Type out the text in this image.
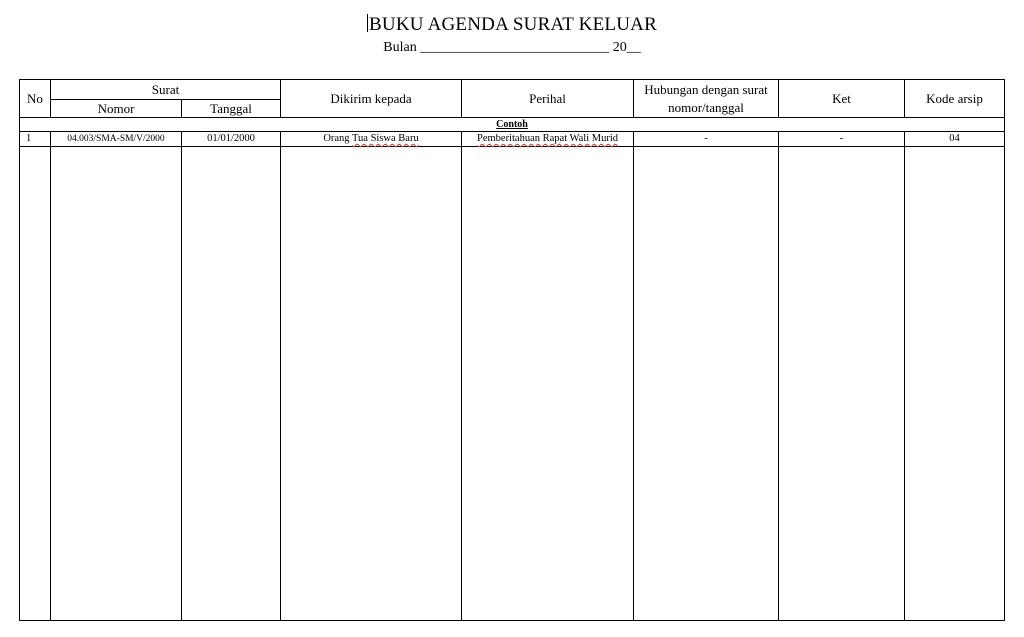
BUKU AGENDA SURAT KELUAR
Bulan ___________________________ 20__
No	Surat		Dikirim kepada	Perihal	Hubungan dengan surat nomor/tanggal	Ket	Kode arsip
	Nomor	Tanggal					
Contoh							
1	04.003/SMA-SM/V/2000	01/01/2000	Orang Tua Siswa Baru	Pemberitahuan Rapat Wali Murid	-	-	04
